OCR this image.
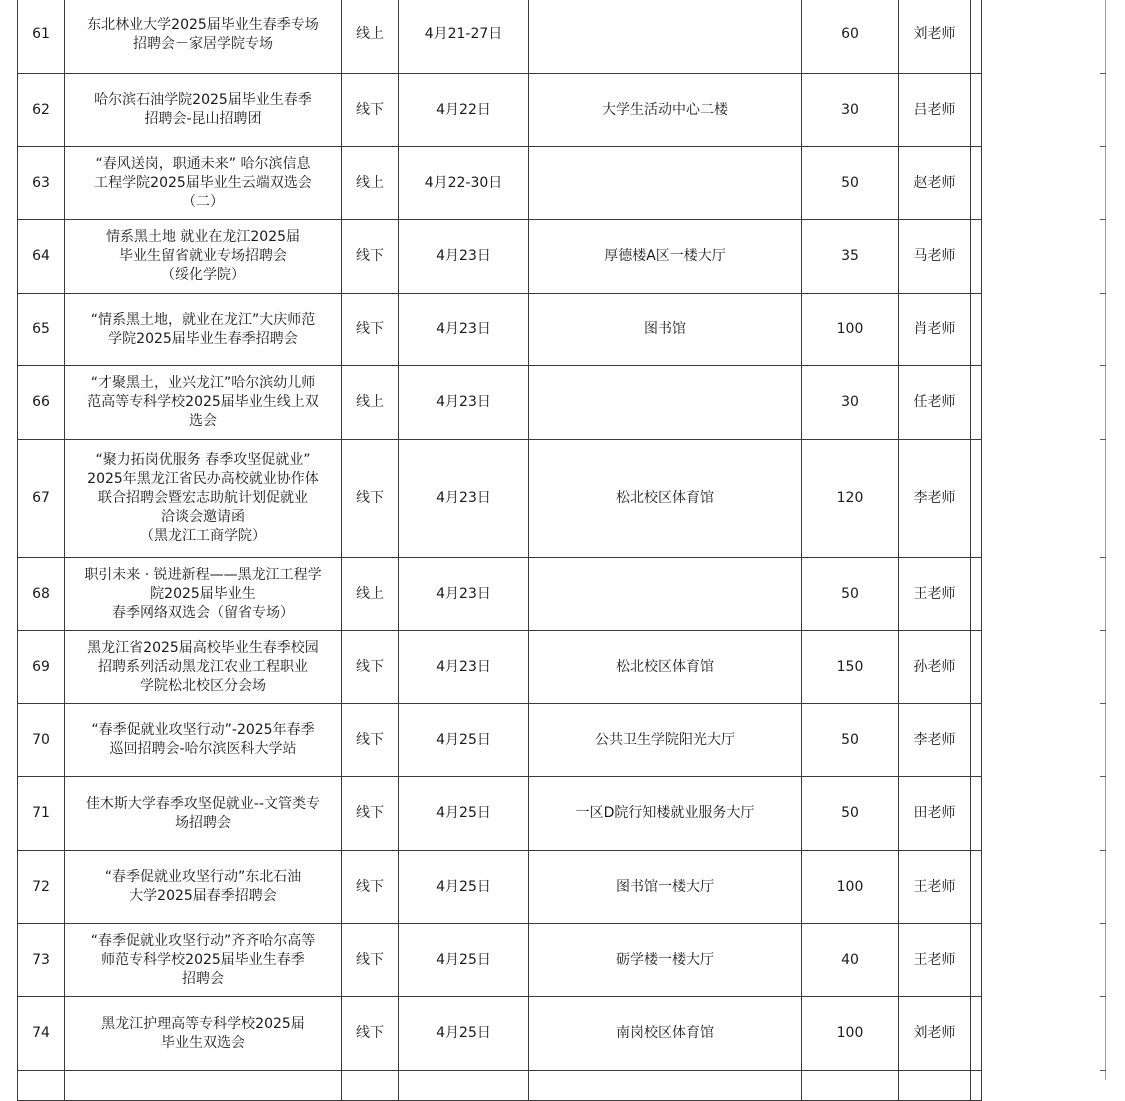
61	东北林业大学2025届毕业生春季专场
招聘会－家居学院专场	线上	4月21-27日		60	刘老师	
62	哈尔滨石油学院2025届毕业生春季
招聘会-昆山招聘团	线下	4月22日	大学生活动中心二楼	30	吕老师	
63	“春风送岗，职通未来” 哈尔滨信息
工程学院2025届毕业生云端双选会
（二）	线上	4月22-30日		50	赵老师	
64	情系黑土地 就业在龙江2025届
毕业生留省就业专场招聘会
（绥化学院）	线下	4月23日	厚德楼A区一楼大厅	35	马老师	
65	“情系黑土地，就业在龙江”大庆师范
学院2025届毕业生春季招聘会	线下	4月23日	图书馆	100	肖老师	
66	“才聚黑土，业兴龙江”哈尔滨幼儿师
范高等专科学校2025届毕业生线上双
选会	线上	4月23日		30	任老师	
67	“聚力拓岗优服务 春季攻坚促就业”
2025年黑龙江省民办高校就业协作体
联合招聘会暨宏志助航计划促就业
洽谈会邀请函
（黑龙江工商学院）	线下	4月23日	松北校区体育馆	120	李老师	
68	职引未来 · 锐进新程——黑龙江工程学
院2025届毕业生
春季网络双选会（留省专场）	线上	4月23日		50	王老师	
69	黑龙江省2025届高校毕业生春季校园
招聘系列活动黑龙江农业工程职业
学院松北校区分会场	线下	4月23日	松北校区体育馆	150	孙老师	
70	“春季促就业攻坚行动”-2025年春季
巡回招聘会-哈尔滨医科大学站	线下	4月25日	公共卫生学院阳光大厅	50	李老师	
71	佳木斯大学春季攻坚促就业--文管类专
场招聘会	线下	4月25日	一区D院行知楼就业服务大厅	50	田老师	
72	“春季促就业攻坚行动”东北石油
大学2025届春季招聘会	线下	4月25日	图书馆一楼大厅	100	王老师	
73	“春季促就业攻坚行动”齐齐哈尔高等
师范专科学校2025届毕业生春季
招聘会	线下	4月25日	砺学楼一楼大厅	40	王老师	
74	黑龙江护理高等专科学校2025届
毕业生双选会	线下	4月25日	南岗校区体育馆	100	刘老师	
